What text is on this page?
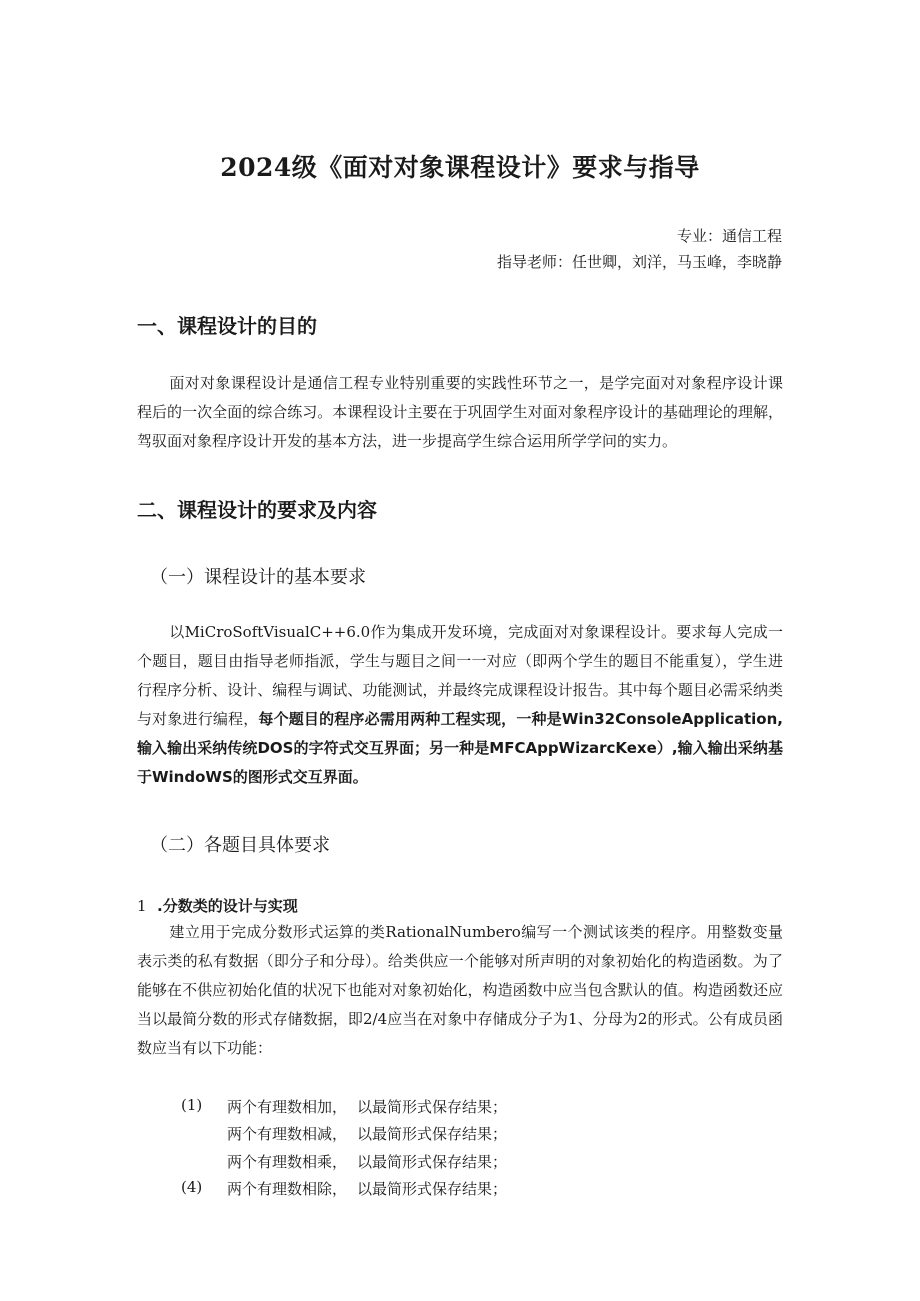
2024级《面对对象课程设计》要求与指导
专业：通信工程
指导老师：任世卿，刘洋，马玉峰，李晓静
一、课程设计的目的
面对对象课程设计是通信工程专业特别重要的实践性环节之一，是学完面对对象程序设计课程后的一次全面的综合练习。本课程设计主要在于巩固学生对面对象程序设计的基础理论的理解，驾驭面对象程序设计开发的基本方法，进一步提高学生综合运用所学学问的实力。
二、课程设计的要求及内容
（一）课程设计的基本要求
以MiCroSoftVisualC++6.0作为集成开发环境，完成面对对象课程设计。要求每人完成一个题目，题目由指导老师指派，学生与题目之间一一对应（即两个学生的题目不能重复），学生进行程序分析、设计、编程与调试、功能测试，并最终完成课程设计报告。其中每个题目必需采纳类与对象进行编程，每个题目的程序必需用两种工程实现，一种是Win32ConsoleApplication,输入输出采纳传统DOS的字符式交互界面；另一种是MFCAppWizarcKexe）,输入输出采纳基于WindoWS的图形式交互界面。
（二）各题目具体要求
1 .分数类的设计与实现
建立用于完成分数形式运算的类RationalNumbero编写一个测试该类的程序。用整数变量表示类的私有数据（即分子和分母）。给类供应一个能够对所声明的对象初始化的构造函数。为了能够在不供应初始化值的状况下也能对对象初始化，构造函数中应当包含默认的值。构造函数还应当以最简分数的形式存储数据，即2/4应当在对象中存储成分子为1、分母为2的形式。公有成员函数应当有以下功能：
(1) 两个有理数相加， 以最简形式保存结果；
两个有理数相减， 以最简形式保存结果；
两个有理数相乘， 以最简形式保存结果；
(4) 两个有理数相除， 以最简形式保存结果；
